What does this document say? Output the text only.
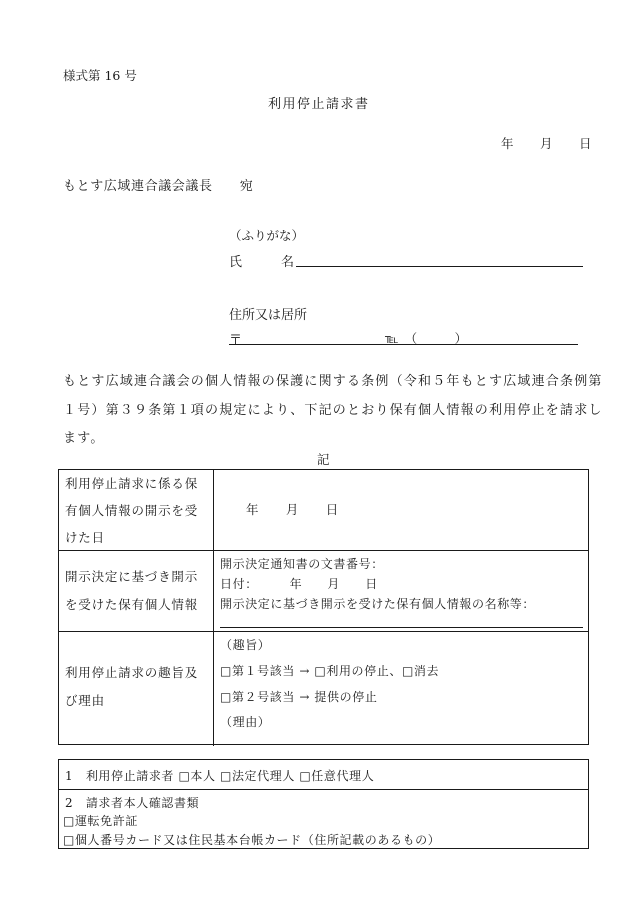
様式第 16 号
利用停止請求書
年　　月　　日
もとす広域連合議会議長　　宛
（ふりがな）
氏　　　名
住所又は居所
〒	℡　（　　　）
もとす広域連合議会の個人情報の保護に関する条例（令和５年もとす広域連合条例第
１号）第３９条第１項の規定により、下記のとおり保有個人情報の利用停止を請求し
ます。
記
利用停止請求に係る保
有個人情報の開示を受
けた日
年　　月　　日
開示決定に基づき開示
を受けた保有個人情報
開示決定通知書の文書番号：
日付：　　　年　　月　　日
開示決定に基づき開示を受けた保有個人情報の名称等：
利用停止請求の趣旨及
び理由
（趣旨）
□第１号該当 → □利用の停止、□消去
□第２号該当 → 提供の停止
（理由）
1　利用停止請求者 □本人 □法定代理人 □任意代理人
2　請求者本人確認書類
□運転免許証
□個人番号カード又は住民基本台帳カード（住所記載のあるもの）
